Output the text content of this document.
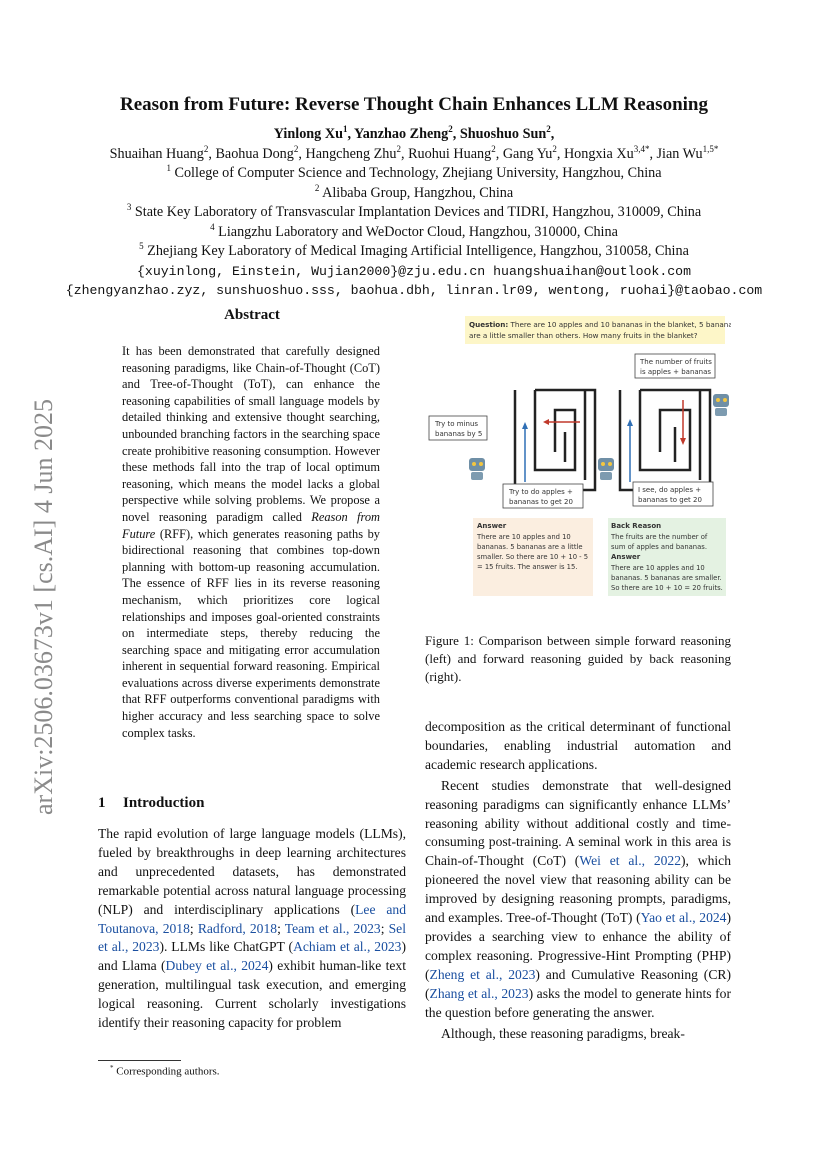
arXiv:2506.03673v1 [cs.AI] 4 Jun 2025
Reason from Future: Reverse Thought Chain Enhances LLM Reasoning
Yinlong Xu$^1$, Yanzhao Zheng$^2$, Shuoshuo Sun$^2$,
Shuaihan Huang$^2$, Baohua Dong$^2$, Hangcheng Zhu$^2$, Ruohui Huang$^2$, Gang Yu$^2$, Hongxia $Xu^{3,4*}$, Jian $Wu^{1,5*}$
$^1$ College of Computer Science and Technology, Zhejiang University, Hangzhou, China
$^2$ Alibaba Group, Hangzhou, China
$^3$ State Key Laboratory of Transvascular Implantation Devices and TIDRI, Hangzhou, 310009, China
$^4$ Liangzhu Laboratory and WeDoctor Cloud, Hangzhou, 310000, China
$^5$ Zhejiang Key Laboratory of Medical Imaging Artificial Intelligence, Hangzhou, 310058, China
{xuyinlong, Einstein, Wujian2000}@zju.edu.cn huangshuaihan@outlook.com
{zhengyanzhao.zyz, sunshuoshuo.sss, baohua.dbh, linran.lr09, wentong, ruohai}@taobao.com
Abstract
It has been demonstrated that carefully designed reasoning paradigms, like Chain-of-Thought (CoT) and Tree-of-Thought (ToT), can enhance the reasoning capabilities of small language models by detailed thinking and extensive thought searching, unbounded branching factors in the searching space create prohibitive reasoning consumption. However these methods fall into the trap of local optimum reasoning, which means the model lacks a global perspective while solving problems. We propose a novel reasoning paradigm called Reason from Future (RFF), which generates reasoning paths by bidirectional reasoning that combines top-down planning with bottom-up reasoning accumulation. The essence of RFF lies in its reverse reasoning mechanism, which prioritizes core logical relationships and imposes goal-oriented constraints on intermediate steps, thereby reducing the searching space and mitigating error accumulation inherent in sequential forward reasoning. Empirical evaluations across diverse experiments demonstrate that RFF outperforms conventional paradigms with higher accuracy and less searching space to solve complex tasks.
1 Introduction

The rapid evolution of large language models (LLMs), fueled by breakthroughs in deep learning architectures and unprecedented datasets, has demonstrated remarkable potential across natural language processing (NLP) and interdisciplinary applications (Lee and Toutanova, 2018; Radford, 2018; Team et al., 2023; Sel et al., 2023). LLMs like ChatGPT (Achiam et al., 2023) and Llama (Dubey et al., 2024) exhibit human-like text generation, multilingual task execution, and emerging logical reasoning. Current scholarly investigations identify their reasoning capacity for problem

* Corresponding authors.
Question: There are 10 apples and 10 bananas in the blanket, 5 bananas
are a little smaller than others. How many fruits in the blanket?
Try to minus
bananas by 5
Try to do apples +
bananas to get 20
The number of fruits
is apples + bananas
I see, do apples +
bananas to get 20
Answer
There are 10 apples and 10
bananas. 5 bananas are a little
smaller. So there are 10 + 10 - 5
= 15 fruits. The answer is 15.
Back Reason
The fruits are the number of
sum of apples and bananas.
Answer
There are 10 apples and 10
bananas. 5 bananas are smaller.
So there are 10 + 10 = 20 fruits.
Figure 1: Comparison between simple forward reasoning (left) and forward reasoning guided by back reasoning (right).

decomposition as the critical determinant of functional boundaries, enabling industrial automation and academic research applications.

Recent studies demonstrate that well-designed reasoning paradigms can significantly enhance LLMs’ reasoning ability without additional costly and time-consuming post-training. A seminal work in this area is Chain-of-Thought (CoT) (Wei et al., 2022), which pioneered the novel view that reasoning ability can be improved by designing reasoning prompts, paradigms, and examples. Tree-of-Thought (ToT) (Yao et al., 2024) provides a searching view to enhance the ability of complex reasoning. Progressive-Hint Prompting (PHP) (Zheng et al., 2023) and Cumulative Reasoning (CR) (Zhang et al., 2023) asks the model to generate hints for the question before generating the answer.

Although, these reasoning paradigms, break-
